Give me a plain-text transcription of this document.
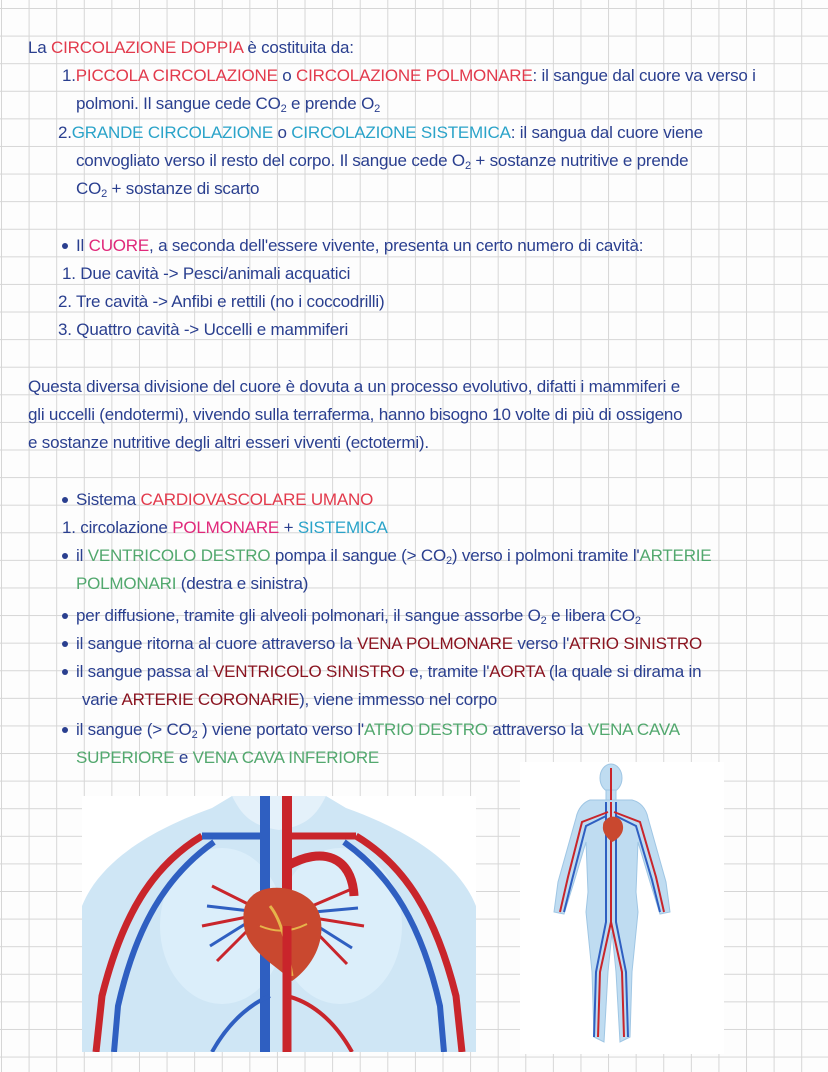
La CIRCOLAZIONE DOPPIA è costituita da:
1.PICCOLA CIRCOLAZIONE o CIRCOLAZIONE POLMONARE: il sangue dal cuore va verso i
polmoni. Il sangue cede $CO_2$ e prende $O_2$
2.GRANDE CIRCOLAZIONE o CIRCOLAZIONE SISTEMICA: il sangua dal cuore viene
convogliato verso il resto del corpo. Il sangue cede $O_2$ + sostanze nutritive e prende
$CO_2$ + sostanze di scarto
Il CUORE, a seconda dell'essere vivente, presenta un certo numero di cavità:
1. Due cavità -> Pesci/animali acquatici
2. Tre cavità -> Anfibi e rettili (no i coccodrilli)
3. Quattro cavità -> Uccelli e mammiferi
Questa diversa divisione del cuore è dovuta a un processo evolutivo, difatti i mammiferi e
gli uccelli (endotermi), vivendo sulla terraferma, hanno bisogno 10 volte di più di ossigeno
e sostanze nutritive degli altri esseri viventi (ectotermi).
Sistema CARDIOVASCOLARE UMANO
1. circolazione POLMONARE + SISTEMICA
il VENTRICOLO DESTRO pompa il sangue (> $CO_2$) verso i polmoni tramite l'ARTERIE
POLMONARI (destra e sinistra)
per diffusione, tramite gli alveoli polmonari, il sangue assorbe $O_2$ e libera $CO_2$
il sangue ritorna al cuore attraverso la VENA POLMONARE verso l'ATRIO SINISTRO
il sangue passa al VENTRICOLO SINISTRO e, tramite l'AORTA (la quale si dirama in
varie ARTERIE CORONARIE), viene immesso nel corpo
il sangue (> $CO_2$ ) viene portato verso l'ATRIO DESTRO attraverso la VENA CAVA
SUPERIORE e VENA CAVA INFERIORE
